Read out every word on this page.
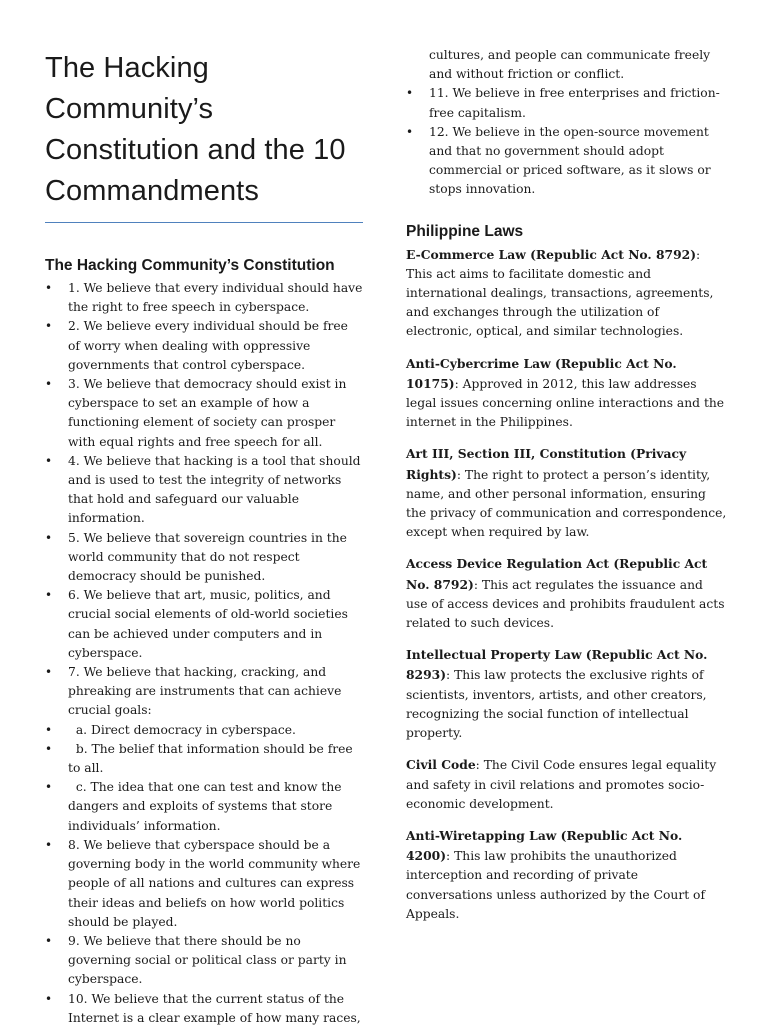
The Hacking Community’s Constitution and the 10 Commandments
The Hacking Community’s Constitution
• 1. We believe that every individual should have the right to free speech in cyberspace.
• 2. We believe every individual should be free of worry when dealing with oppressive governments that control cyberspace.
• 3. We believe that democracy should exist in cyberspace to set an example of how a functioning element of society can prosper with equal rights and free speech for all.
• 4. We believe that hacking is a tool that should and is used to test the integrity of networks that hold and safeguard our valuable information.
• 5. We believe that sovereign countries in the world community that do not respect democracy should be punished.
• 6. We believe that art, music, politics, and crucial social elements of old-world societies can be achieved under computers and in cyberspace.
• 7. We believe that hacking, cracking, and phreaking are instruments that can achieve crucial goals:
• a. Direct democracy in cyberspace.
• b. The belief that information should be free to all.
• c. The idea that one can test and know the dangers and exploits of systems that store individuals’ information.
• 8. We believe that cyberspace should be a governing body in the world community where people of all nations and cultures can express their ideas and beliefs on how world politics should be played.
• 9. We believe that there should be no governing social or political class or party in cyberspace.
• 10. We believe that the current status of the Internet is a clear example of how many races,

cultures, and people can communicate freely and without friction or conflict.

• 11. We believe in free enterprises and friction-free capitalism.
• 12. We believe in the open-source movement and that no government should adopt commercial or priced software, as it slows or stops innovation.
Philippine Laws

E-Commerce Law (Republic Act No. 8792): This act aims to facilitate domestic and international dealings, transactions, agreements, and exchanges through the utilization of electronic, optical, and similar technologies.

Anti-Cybercrime Law (Republic Act No. 10175): Approved in 2012, this law addresses legal issues concerning online interactions and the internet in the Philippines.

Art III, Section III, Constitution (Privacy Rights): The right to protect a person’s identity, name, and other personal information, ensuring the privacy of communication and correspondence, except when required by law.

Access Device Regulation Act (Republic Act No. 8792): This act regulates the issuance and use of access devices and prohibits fraudulent acts related to such devices.

Intellectual Property Law (Republic Act No. 8293): This law protects the exclusive rights of scientists, inventors, artists, and other creators, recognizing the social function of intellectual property.

Civil Code: The Civil Code ensures legal equality and safety in civil relations and promotes socio-economic development.

Anti-Wiretapping Law (Republic Act No. 4200): This law prohibits the unauthorized interception and recording of private conversations unless authorized by the Court of Appeals.
